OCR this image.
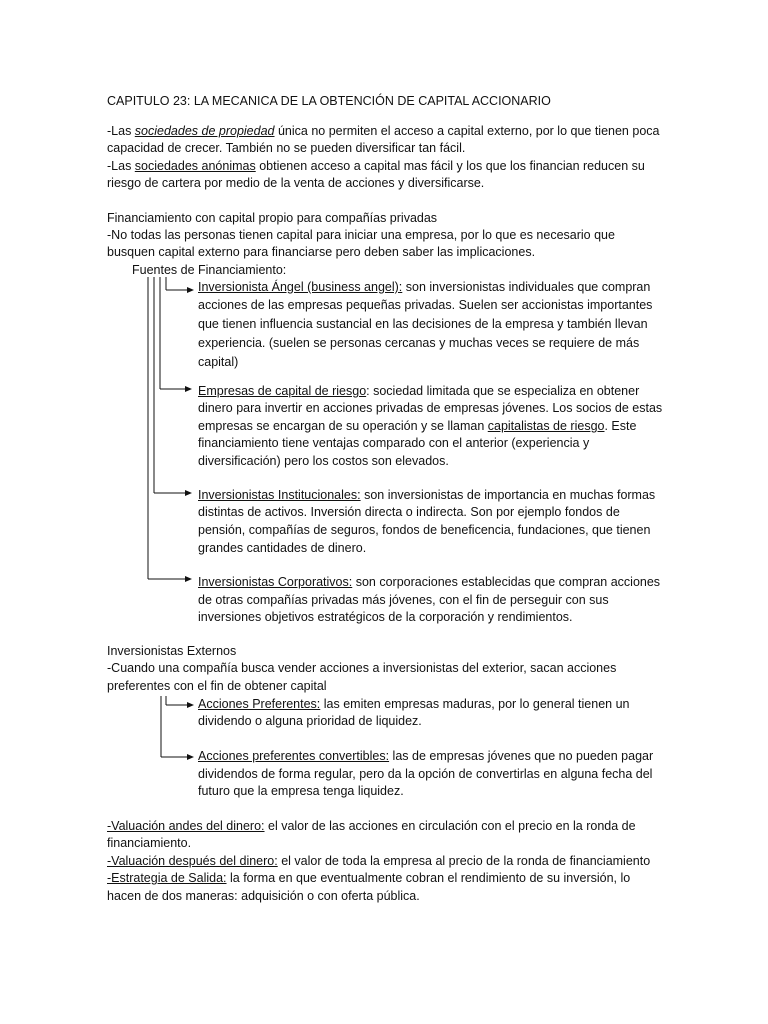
CAPITULO 23: LA MECANICA DE LA OBTENCIÓN DE CAPITAL ACCIONARIO

-Las sociedades de propiedad única no permiten el acceso a capital externo, por lo que tienen poca

capacidad de crecer. También no se pueden diversificar tan fácil.

-Las sociedades anónimas obtienen acceso a capital mas fácil y los que los financian reducen su

riesgo de cartera por medio de la venta de acciones y diversificarse.

Financiamiento con capital propio para compañías privadas

-No todas las personas tienen capital para iniciar una empresa, por lo que es necesario que

busquen capital externo para financiarse pero deben saber las implicaciones.

Fuentes de Financiamiento:

Inversionista Ángel (business angel): son inversionistas individuales que compran

acciones de las empresas pequeñas privadas. Suelen ser accionistas importantes

que tienen influencia sustancial en las decisiones de la empresa y también llevan

experiencia. (suelen se personas cercanas y muchas veces se requiere de más

capital)

Empresas de capital de riesgo: sociedad limitada que se especializa en obtener

dinero para invertir en acciones privadas de empresas jóvenes. Los socios de estas

empresas se encargan de su operación y se llaman capitalistas de riesgo. Este

financiamiento tiene ventajas comparado con el anterior (experiencia y

diversificación) pero los costos son elevados.

Inversionistas Institucionales: son inversionistas de importancia en muchas formas

distintas de activos. Inversión directa o indirecta. Son por ejemplo fondos de

pensión, compañías de seguros, fondos de beneficencia, fundaciones, que tienen

grandes cantidades de dinero.

Inversionistas Corporativos: son corporaciones establecidas que compran acciones

de otras compañías privadas más jóvenes, con el fin de perseguir con sus

inversiones objetivos estratégicos de la corporación y rendimientos.

Inversionistas Externos

-Cuando una compañía busca vender acciones a inversionistas del exterior, sacan acciones

preferentes con el fin de obtener capital

Acciones Preferentes: las emiten empresas maduras, por lo general tienen un

dividendo o alguna prioridad de liquidez.

Acciones preferentes convertibles: las de empresas jóvenes que no pueden pagar

dividendos de forma regular, pero da la opción de convertirlas en alguna fecha del

futuro que la empresa tenga liquidez.

-Valuación andes del dinero: el valor de las acciones en circulación con el precio en la ronda de

financiamiento.

-Valuación después del dinero: el valor de toda la empresa al precio de la ronda de financiamiento

-Estrategia de Salida: la forma en que eventualmente cobran el rendimiento de su inversión, lo

hacen de dos maneras: adquisición o con oferta pública.
